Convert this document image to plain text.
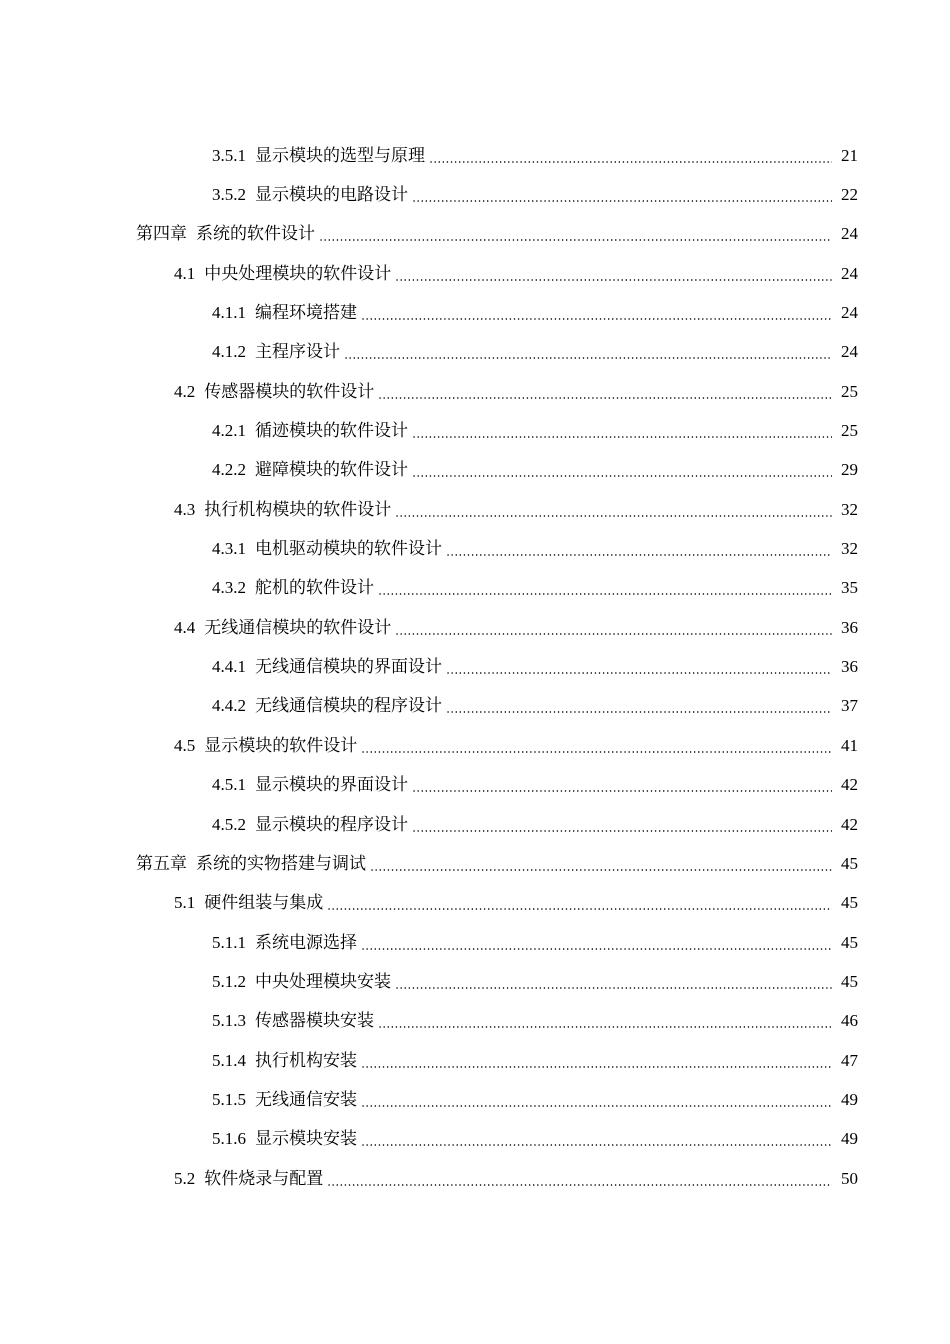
3.5.1 显示模块的选型与原理	21
3.5.2 显示模块的电路设计	22
第四章 系统的软件设计	24
4.1 中央处理模块的软件设计	24
4.1.1 编程环境搭建	24
4.1.2 主程序设计	24
4.2 传感器模块的软件设计	25
4.2.1 循迹模块的软件设计	25
4.2.2 避障模块的软件设计	29
4.3 执行机构模块的软件设计	32
4.3.1 电机驱动模块的软件设计	32
4.3.2 舵机的软件设计	35
4.4 无线通信模块的软件设计	36
4.4.1 无线通信模块的界面设计	36
4.4.2 无线通信模块的程序设计	37
4.5 显示模块的软件设计	41
4.5.1 显示模块的界面设计	42
4.5.2 显示模块的程序设计	42
第五章 系统的实物搭建与调试	45
5.1 硬件组装与集成	45
5.1.1 系统电源选择	45
5.1.2 中央处理模块安装	45
5.1.3 传感器模块安装	46
5.1.4 执行机构安装	47
5.1.5 无线通信安装	49
5.1.6 显示模块安装	49
5.2 软件烧录与配置	50
